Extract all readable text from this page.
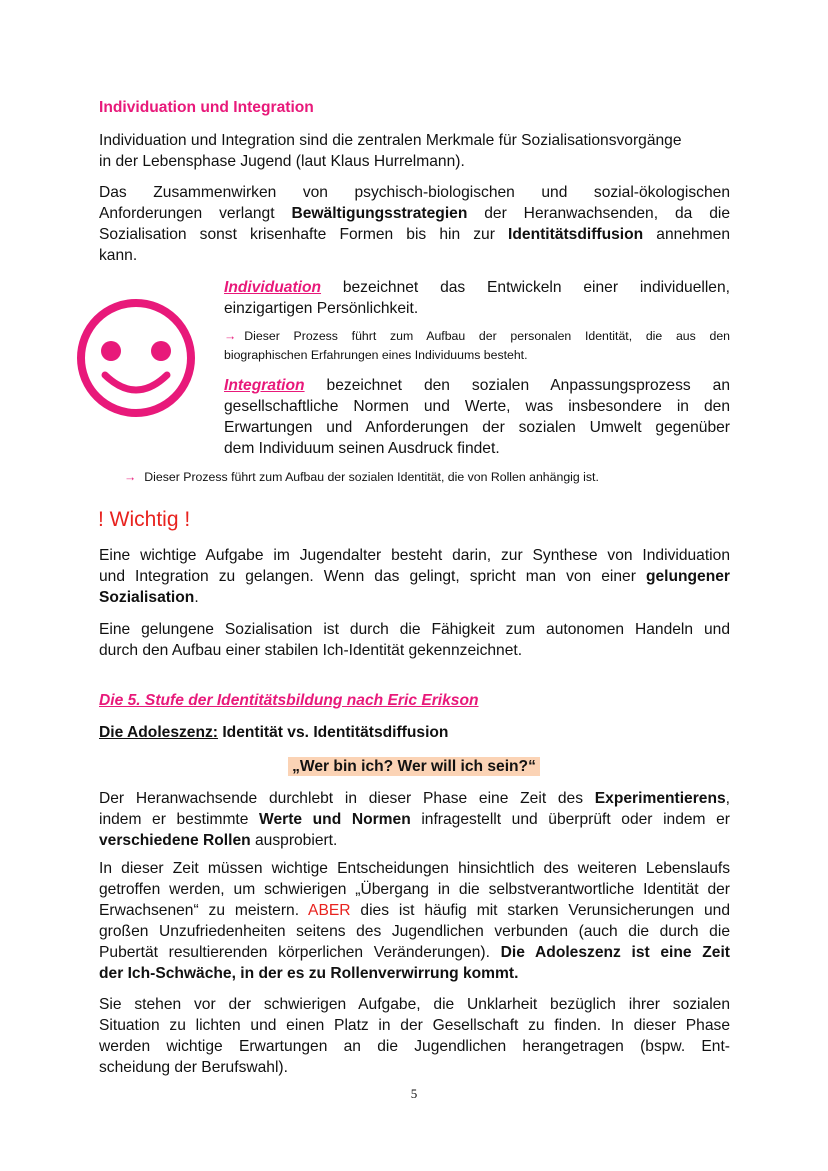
Individuation und Integration
Individuation und Integration sind die zentralen Merkmale für Sozialisationsvorgänge
in der Lebensphase Jugend (laut Klaus Hurrelmann).
Das Zusammenwirken von psychisch-biologischen und sozial-ökologischen
Anforderungen verlangt Bewältigungsstrategien der Heranwachsenden, da die
Sozialisation sonst krisenhafte Formen bis hin zur Identitätsdiffusion annehmen
kann.
Individuation bezeichnet das Entwickeln einer individuellen,
einzigartigen Persönlichkeit.
→ Dieser Prozess führt zum Aufbau der personalen Identität, die aus den
biographischen Erfahrungen eines Individuums besteht.
Integration bezeichnet den sozialen Anpassungsprozess an
gesellschaftliche Normen und Werte, was insbesondere in den
Erwartungen und Anforderungen der sozialen Umwelt gegenüber
dem Individuum seinen Ausdruck findet.
→ Dieser Prozess führt zum Aufbau der sozialen Identität, die von Rollen anhängig ist.
! Wichtig !
Eine wichtige Aufgabe im Jugendalter besteht darin, zur Synthese von Individuation
und Integration zu gelangen. Wenn das gelingt, spricht man von einer gelungener
Sozialisation.
Eine gelungene Sozialisation ist durch die Fähigkeit zum autonomen Handeln und
durch den Aufbau einer stabilen Ich-Identität gekennzeichnet.
Die 5. Stufe der Identitätsbildung nach Eric Erikson
Die Adoleszenz: Identität vs. Identitätsdiffusion
„Wer bin ich? Wer will ich sein?“
Der Heranwachsende durchlebt in dieser Phase eine Zeit des Experimentierens,
indem er bestimmte Werte und Normen infragestellt und überprüft oder indem er
verschiedene Rollen ausprobiert.
In dieser Zeit müssen wichtige Entscheidungen hinsichtlich des weiteren Lebenslaufs
getroffen werden, um schwierigen „Übergang in die selbstverantwortliche Identität der
Erwachsenen“ zu meistern. ABER dies ist häufig mit starken Verunsicherungen und
großen Unzufriedenheiten seitens des Jugendlichen verbunden (auch die durch die
Pubertät resultierenden körperlichen Veränderungen). Die Adoleszenz ist eine Zeit
der Ich-Schwäche, in der es zu Rollenverwirrung kommt.
Sie stehen vor der schwierigen Aufgabe, die Unklarheit bezüglich ihrer sozialen
Situation zu lichten und einen Platz in der Gesellschaft zu finden. In dieser Phase
werden wichtige Erwartungen an die Jugendlichen herangetragen (bspw. Ent-
scheidung der Berufswahl).
5
